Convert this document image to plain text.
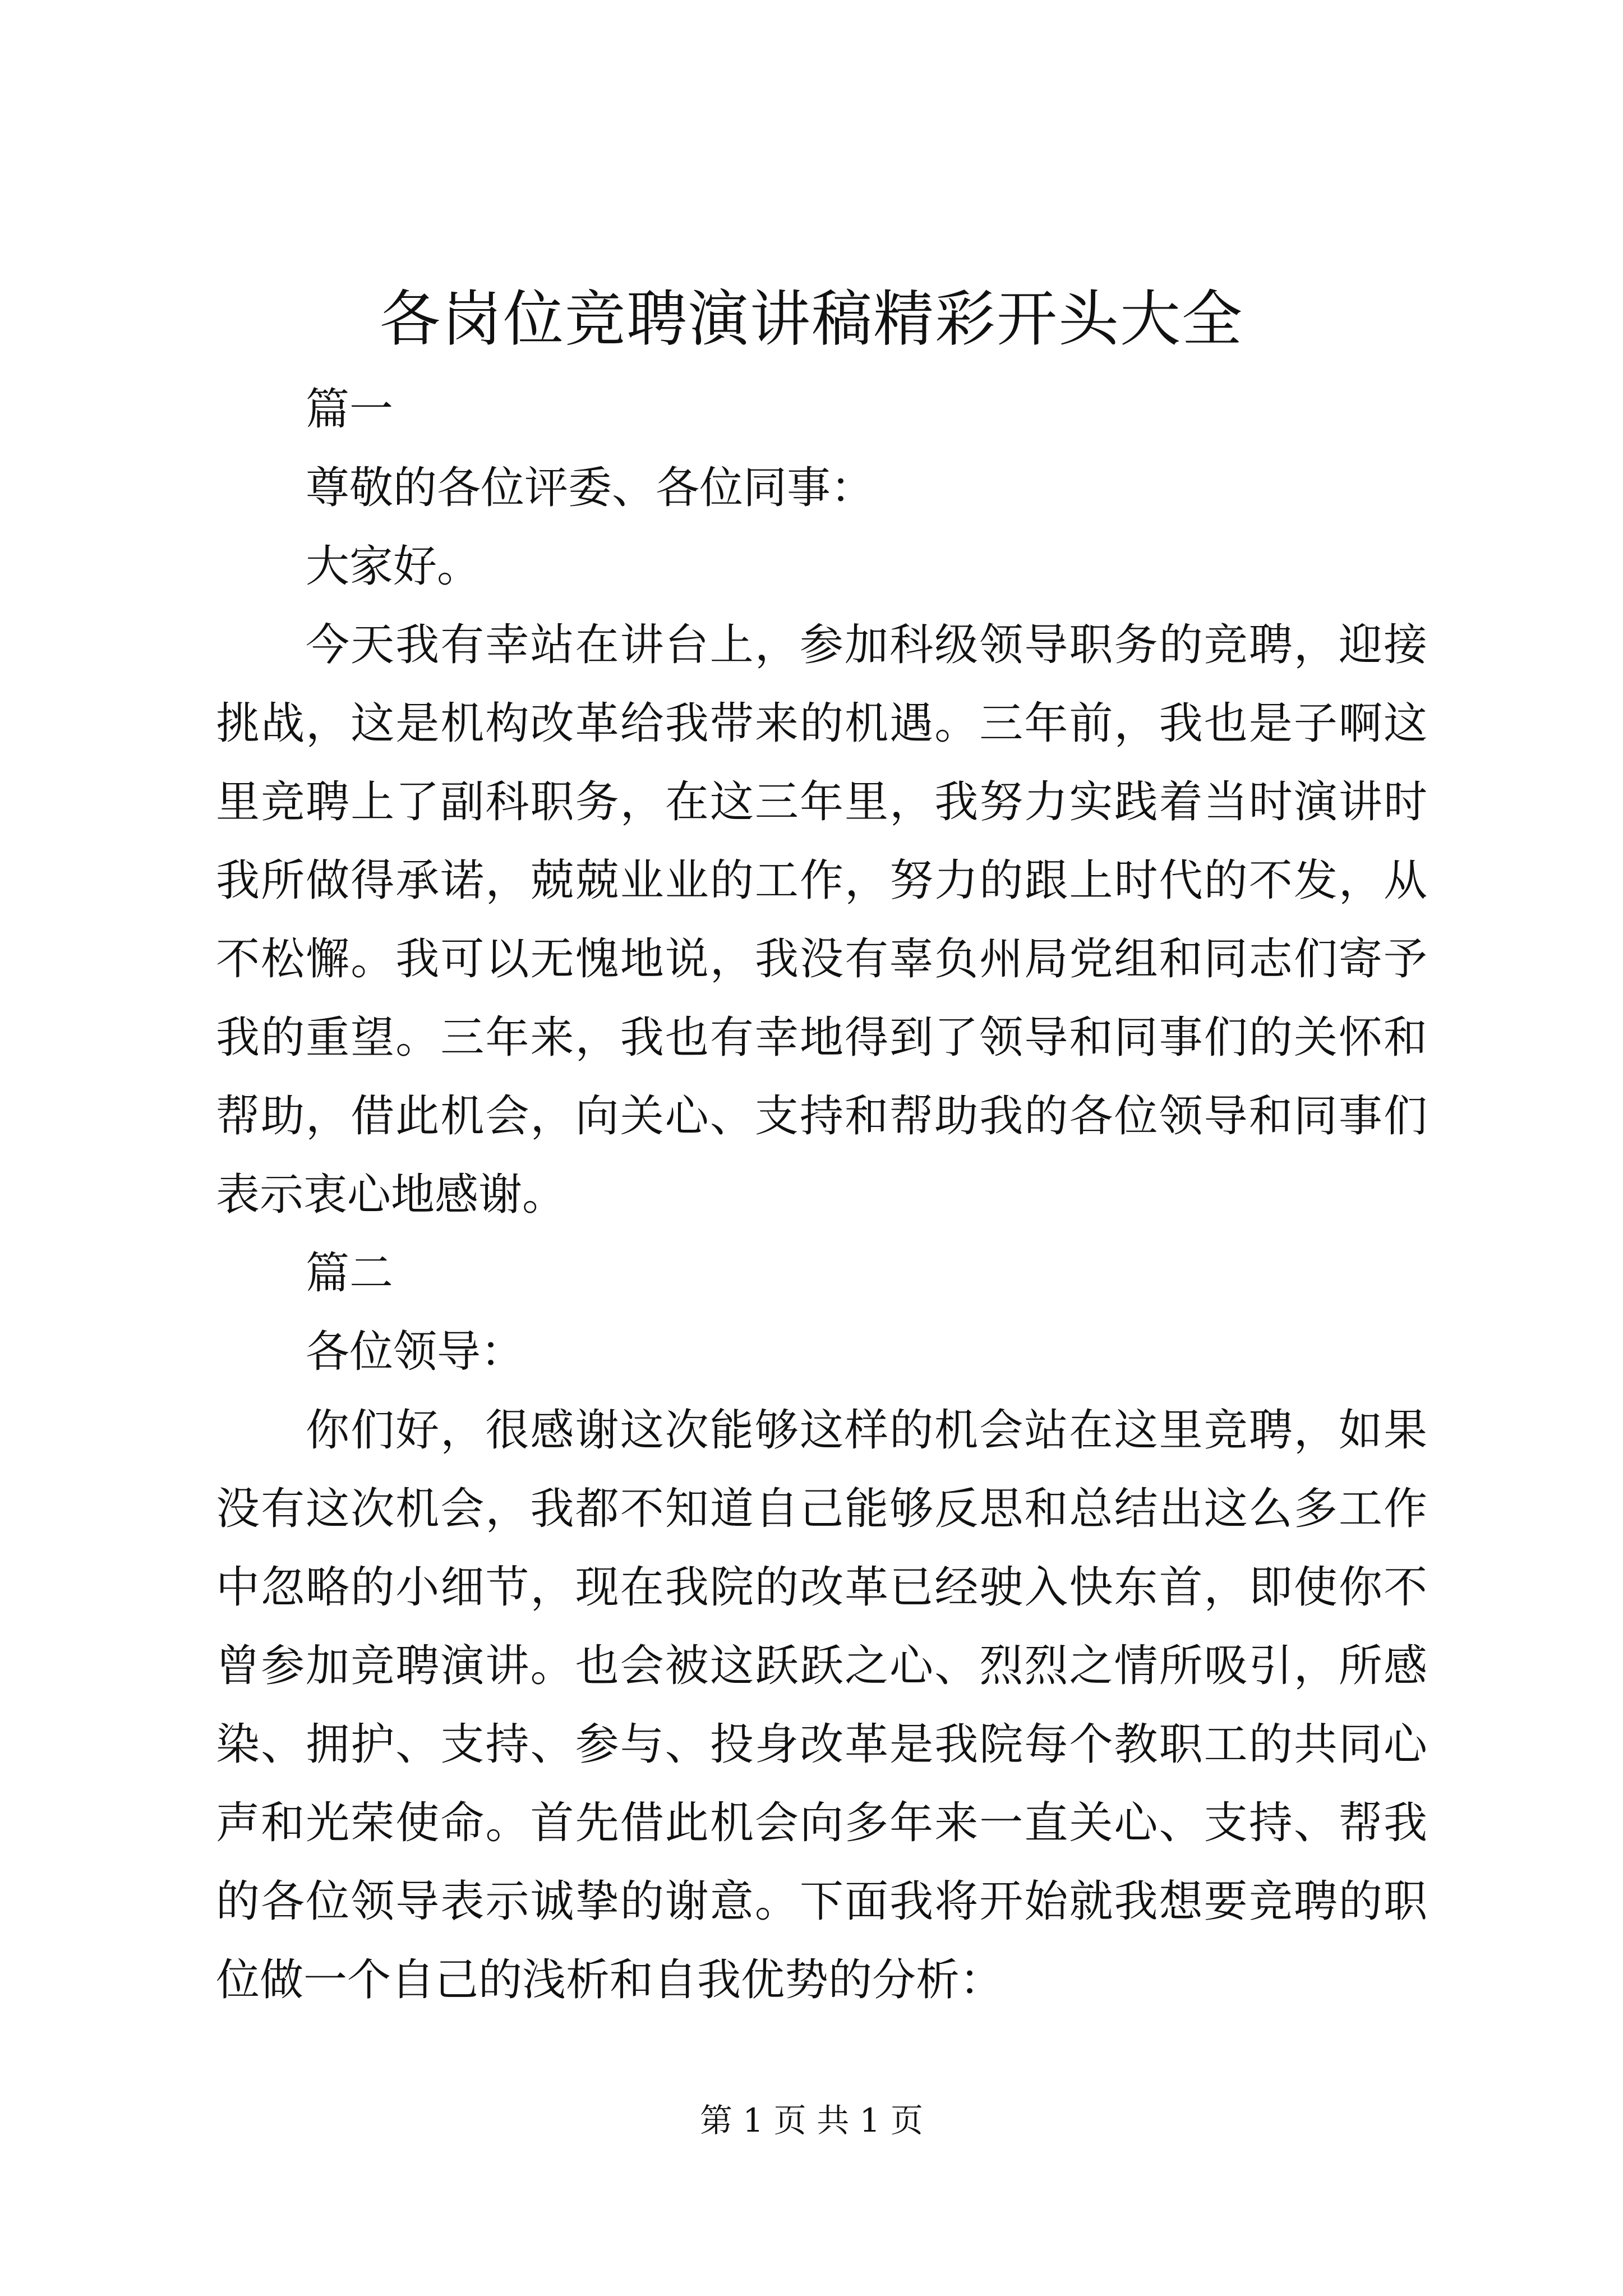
各岗位竞聘演讲稿精彩开头大全

篇一

尊敬的各位评委、各位同事：

大家好。

今天我有幸站在讲台上，参加科级领导职务的竞聘，迎接挑战，这是机构改革给我带来的机遇。三年前，我也是子啊这里竞聘上了副科职务，在这三年里，我努力实践着当时演讲时我所做得承诺，兢兢业业的工作，努力的跟上时代的不发，从不松懈。我可以无愧地说，我没有辜负州局党组和同志们寄予我的重望。三年来，我也有幸地得到了领导和同事们的关怀和帮助，借此机会，向关心、支持和帮助我的各位领导和同事们表示衷心地感谢。

篇二

各位领导：

你们好，很感谢这次能够这样的机会站在这里竞聘，如果没有这次机会，我都不知道自己能够反思和总结出这么多工作中忽略的小细节，现在我院的改革已经驶入快东首，即使你不曾参加竞聘演讲。也会被这跃跃之心、烈烈之情所吸引，所感染、拥护、支持、参与、投身改革是我院每个教职工的共同心声和光荣使命。首先借此机会向多年来一直关心、支持、帮我的各位领导表示诚挚的谢意。下面我将开始就我想要竞聘的职位做一个自己的浅析和自我优势的分析：

第 1 页 共 1 页
